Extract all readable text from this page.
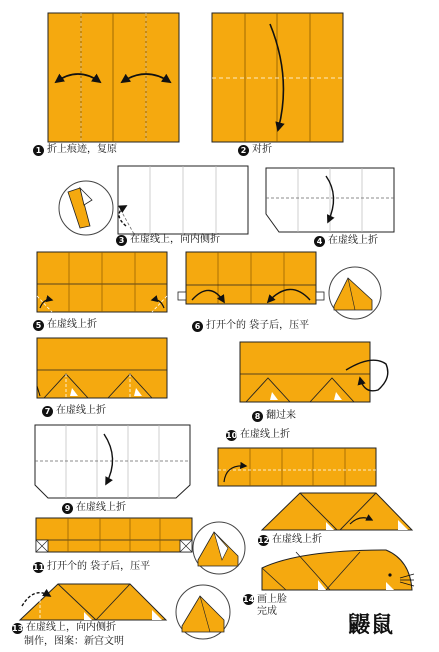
1 折上痕迹，复原	2 对折
3 在虚线上，向内侧折	4 在虚线上折
5 在虚线上折	6 打开个的 袋子后，压平
7 在虚线上折	8 翻过来
9 在虚线上折
10 在虚线上折
11 打开个的 袋子后，压平
12 在虚线上折
13 在虚线上，向内侧折
14 画上脸
完成
制作，图案：新宫文明
鼹鼠
